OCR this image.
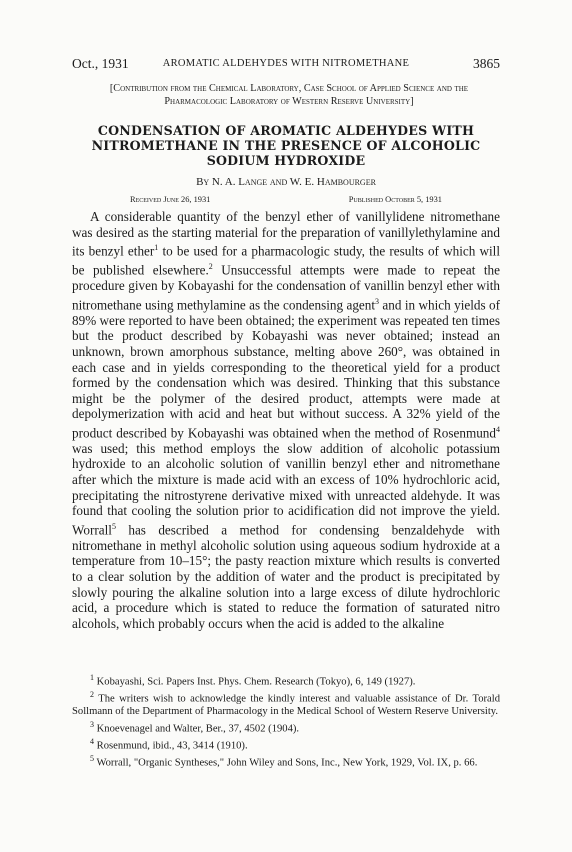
Oct., 1931	AROMATIC ALDEHYDES WITH NITROMETHANE	3865
[Contribution from the Chemical Laboratory, Case School of Applied Science and the Pharmacologic Laboratory of Western Reserve University]
CONDENSATION OF AROMATIC ALDEHYDES WITH NITROMETHANE IN THE PRESENCE OF ALCOHOLIC SODIUM HYDROXIDE
By N. A. Lange and W. E. Hambourger
Received June 26, 1931	Published October 5, 1931

A considerable quantity of the benzyl ether of vanillylidene nitromethane was desired as the starting material for the preparation of vanillylethylamine and its benzyl ether$^1$ to be used for a pharmacologic study, the results of which will be published elsewhere.$^2$ Unsuccessful attempts were made to repeat the procedure given by Kobayashi for the condensation of vanillin benzyl ether with nitromethane using methylamine as the condensing agent$^3$ and in which yields of 89% were reported to have been obtained; the experiment was repeated ten times but the product described by Kobayashi was never obtained; instead an unknown, brown amorphous substance, melting above 260°, was obtained in each case and in yields corresponding to the theoretical yield for a product formed by the condensation which was desired. Thinking that this substance might be the polymer of the desired product, attempts were made at depolymerization with acid and heat but without success. A 32% yield of the product described by Kobayashi was obtained when the method of Rosenmund$^4$ was used; this method employs the slow addition of alcoholic potassium hydroxide to an alcoholic solution of vanillin benzyl ether and nitromethane after which the mixture is made acid with an excess of 10% hydrochloric acid, precipitating the nitrostyrene derivative mixed with unreacted aldehyde. It was found that cooling the solution prior to acidification did not improve the yield. Worrall$^5$ has described a method for condensing benzaldehyde with nitromethane in methyl alcoholic solution using aqueous sodium hydroxide at a temperature from 10–15°; the pasty reaction mixture which results is converted to a clear solution by the addition of water and the product is precipitated by slowly pouring the alkaline solution into a large excess of dilute hydrochloric acid, a procedure which is stated to reduce the formation of saturated nitro alcohols, which probably occurs when the acid is added to the alkaline

$^1$ Kobayashi, Sci. Papers Inst. Phys. Chem. Research (Tokyo), 6, 149 (1927).
$^2$ The writers wish to acknowledge the kindly interest and valuable assistance of Dr. Torald Sollmann of the Department of Pharmacology in the Medical School of Western Reserve University.
$^3$ Knoevenagel and Walter, Ber., 37, 4502 (1904).
$^4$ Rosenmund, ibid., 43, 3414 (1910).
$^5$ Worrall, "Organic Syntheses," John Wiley and Sons, Inc., New York, 1929, Vol. IX, p. 66.
